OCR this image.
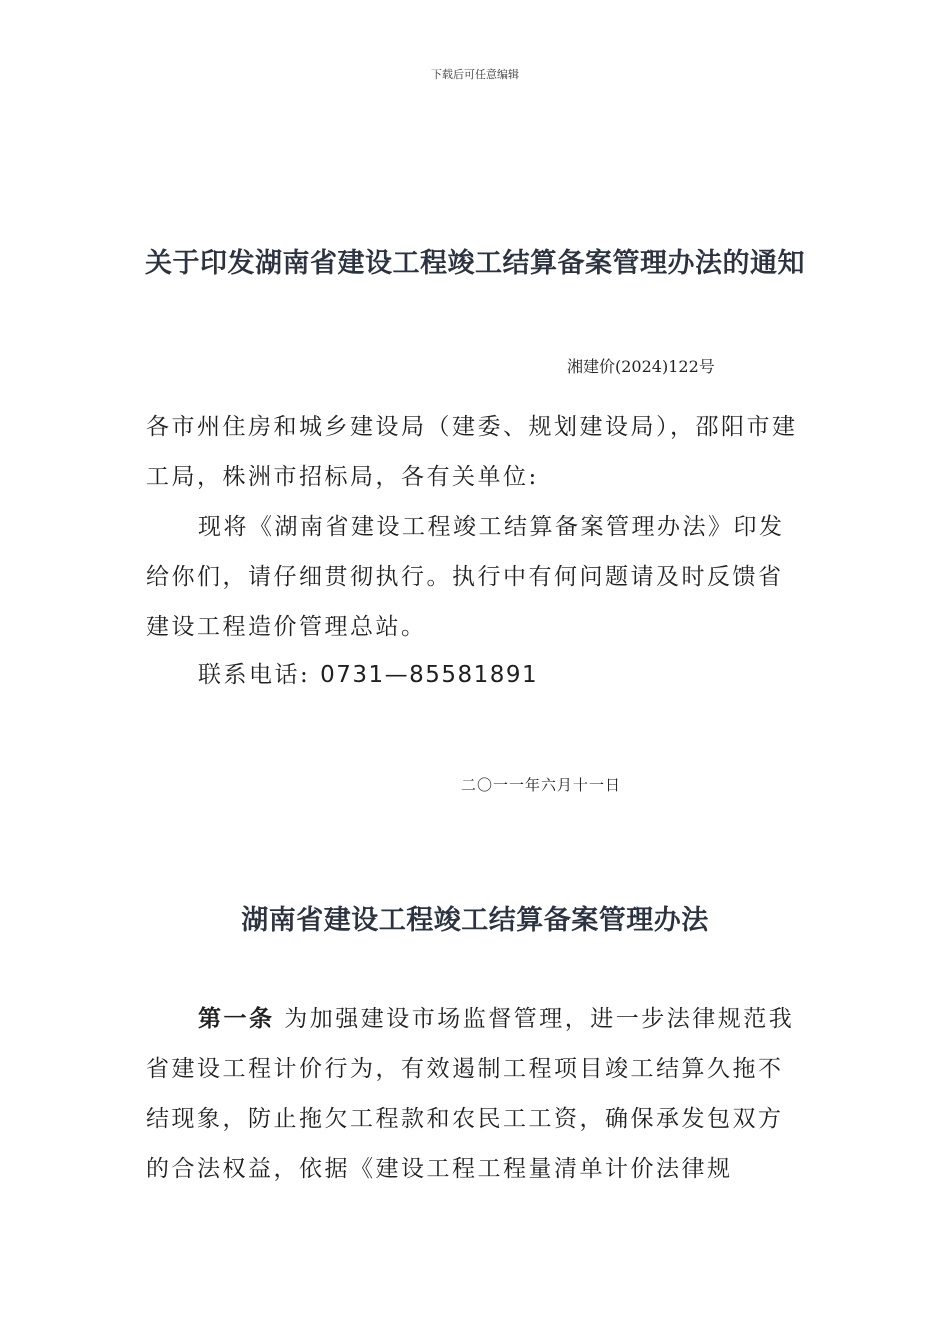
下载后可任意编辑
关于印发湖南省建设工程竣工结算备案管理办法的通知
湘建价(2024)122号
各市州住房和城乡建设局（建委、规划建设局），邵阳市建工局，株洲市招标局，各有关单位:
现将《湖南省建设工程竣工结算备案管理办法》印发给你们，请仔细贯彻执行。执行中有何问题请及时反馈省建设工程造价管理总站。
联系电话: 0731—85581891
二〇一一年六月十一日
湖南省建设工程竣工结算备案管理办法
第一条 为加强建设市场监督管理，进一步法律规范我省建设工程计价行为，有效遏制工程项目竣工结算久拖不结现象，防止拖欠工程款和农民工工资，确保承发包双方的合法权益，依据《建设工程工程量清单计价法律规
